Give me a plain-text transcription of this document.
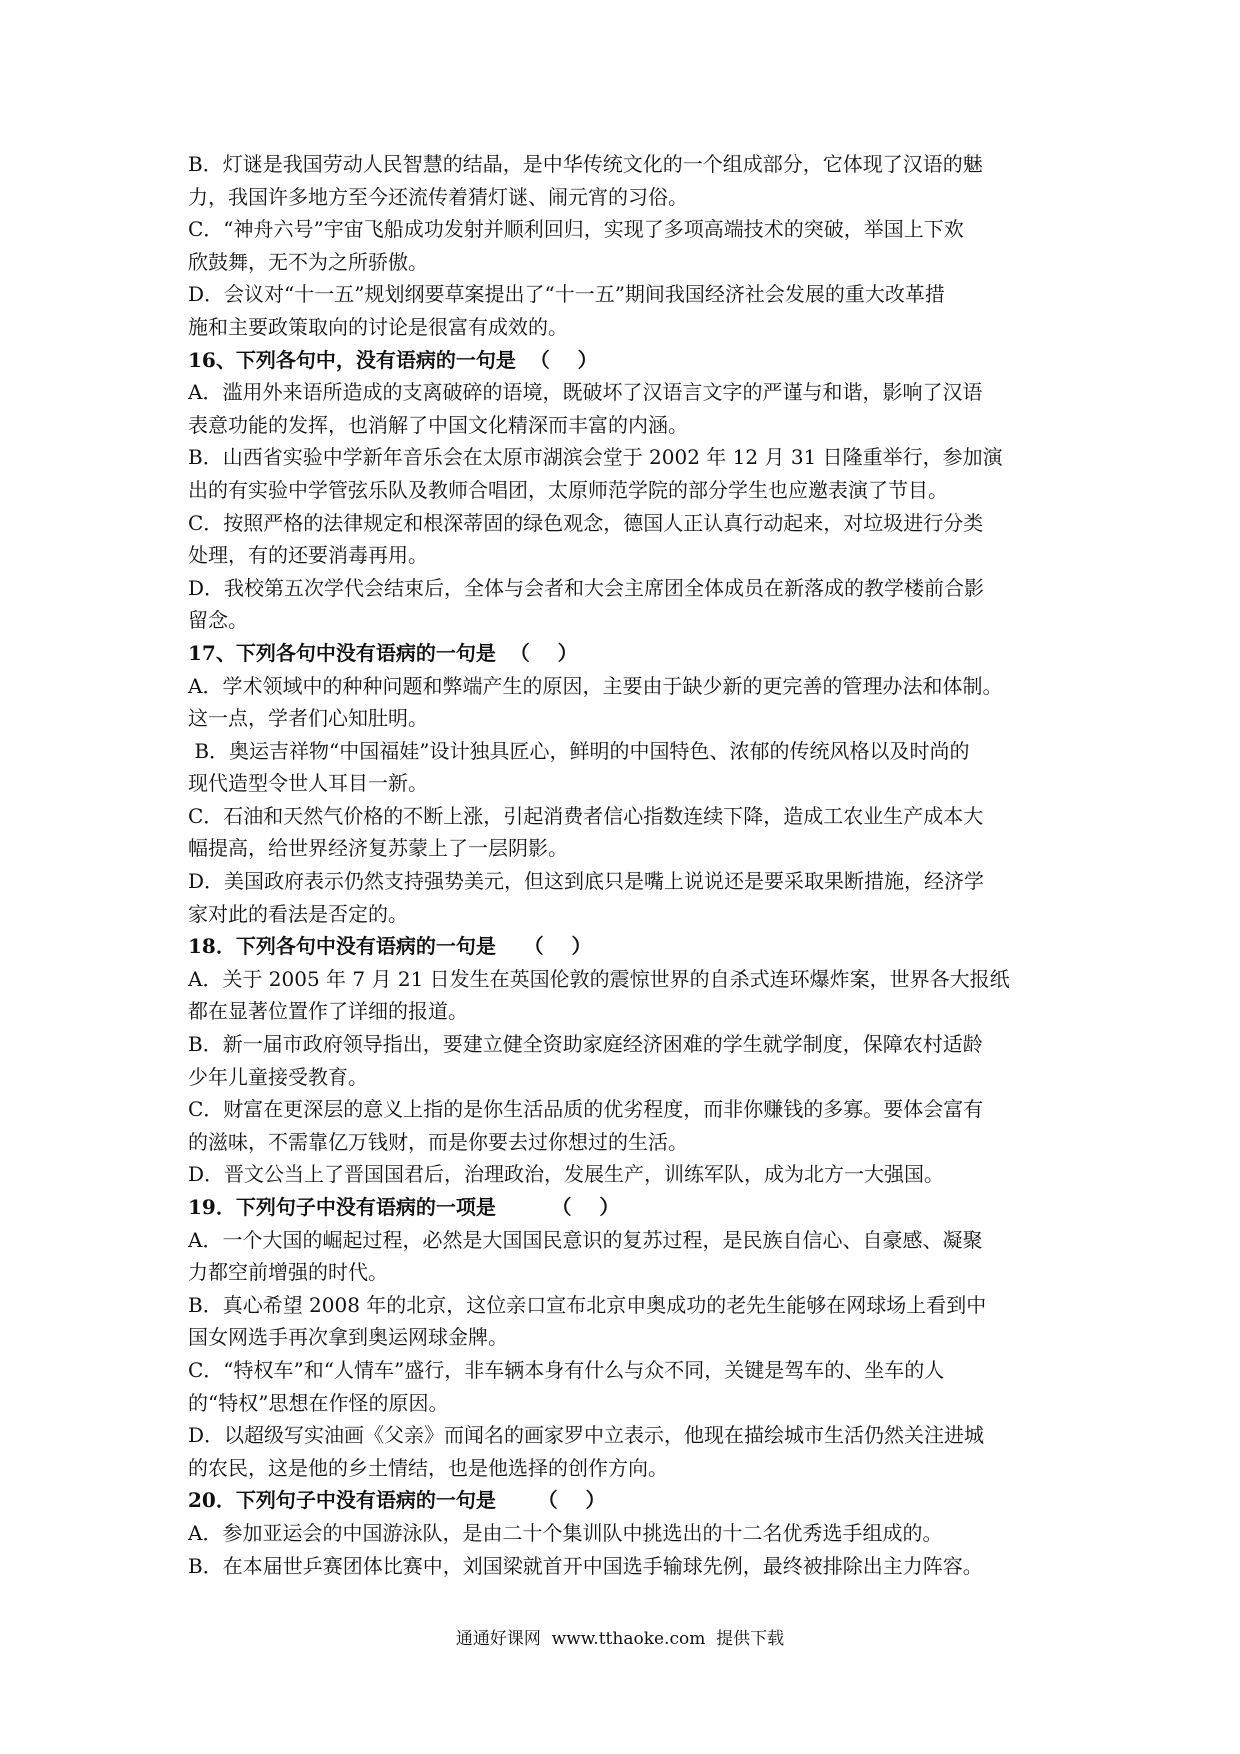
B．灯谜是我国劳动人民智慧的结晶，是中华传统文化的一个组成部分，它体现了汉语的魅
力，我国许多地方至今还流传着猜灯谜、闹元宵的习俗。
C．“神舟六号”宇宙飞船成功发射并顺利回归，实现了多项高端技术的突破，举国上下欢
欣鼓舞，无不为之所骄傲。
D．会议对“十一五”规划纲要草案提出了“十一五”期间我国经济社会发展的重大改革措
施和主要政策取向的讨论是很富有成效的。
16、下列各句中，没有语病的一句是  （    ）
A．滥用外来语所造成的支离破碎的语境，既破坏了汉语言文字的严谨与和谐，影响了汉语
表意功能的发挥，也消解了中国文化精深而丰富的内涵。
B．山西省实验中学新年音乐会在太原市湖滨会堂于 2002 年 12 月 31 日隆重举行，参加演
出的有实验中学管弦乐队及教师合唱团，太原师范学院的部分学生也应邀表演了节目。
C．按照严格的法律规定和根深蒂固的绿色观念，德国人正认真行动起来，对垃圾进行分类
处理，有的还要消毒再用。
D．我校第五次学代会结束后，全体与会者和大会主席团全体成员在新落成的教学楼前合影
留念。
17、下列各句中没有语病的一句是  （    ）
A．学术领域中的种种问题和弊端产生的原因，主要由于缺少新的更完善的管理办法和体制。
这一点，学者们心知肚明。
B．奥运吉祥物“中国福娃”设计独具匠心，鲜明的中国特色、浓郁的传统风格以及时尚的
现代造型令世人耳目一新。
C．石油和天然气价格的不断上涨，引起消费者信心指数连续下降，造成工农业生产成本大
幅提高，给世界经济复苏蒙上了一层阴影。
D．美国政府表示仍然支持强势美元，但这到底只是嘴上说说还是要采取果断措施，经济学
家对此的看法是否定的。
18．下列各句中没有语病的一句是    （    ）
A．关于 2005 年 7 月 21 日发生在英国伦敦的震惊世界的自杀式连环爆炸案，世界各大报纸
都在显著位置作了详细的报道。
B．新一届市政府领导指出，要建立健全资助家庭经济困难的学生就学制度，保障农村适龄
少年儿童接受教育。
C．财富在更深层的意义上指的是你生活品质的优劣程度，而非你赚钱的多寡。要体会富有
的滋味，不需靠亿万钱财，而是你要去过你想过的生活。
D．晋文公当上了晋国国君后，治理政治，发展生产，训练军队，成为北方一大强国。
19．下列句子中没有语病的一项是        （    ）
A．一个大国的崛起过程，必然是大国国民意识的复苏过程，是民族自信心、自豪感、凝聚
力都空前增强的时代。
B．真心希望 2008 年的北京，这位亲口宣布北京申奥成功的老先生能够在网球场上看到中
国女网选手再次拿到奥运网球金牌。
C．“特权车”和“人情车”盛行，非车辆本身有什么与众不同，关键是驾车的、坐车的人
的“特权”思想在作怪的原因。
D．以超级写实油画《父亲》而闻名的画家罗中立表示，他现在描绘城市生活仍然关注进城
的农民，这是他的乡土情结，也是他选择的创作方向。
20．下列句子中没有语病的一句是      （    ）
A．参加亚运会的中国游泳队，是由二十个集训队中挑选出的十二名优秀选手组成的。
B．在本届世乒赛团体比赛中，刘国梁就首开中国选手输球先例，最终被排除出主力阵容。
通通好课网  www.tthaoke.com  提供下载
